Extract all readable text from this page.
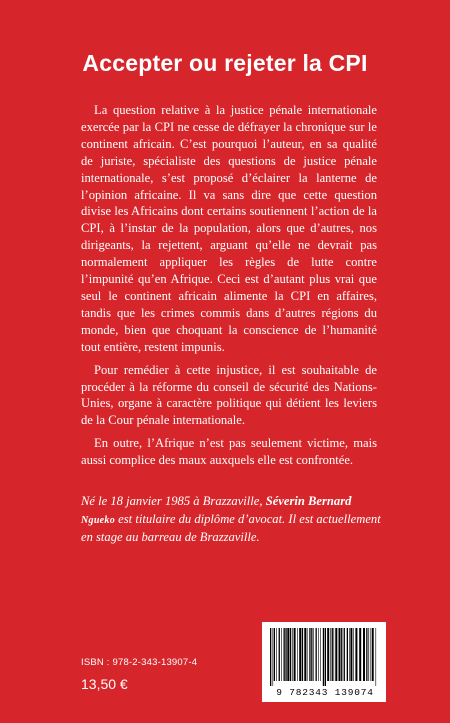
Accepter ou rejeter la CPI

La question relative à la justice pénale internationale exercée par la CPI ne cesse de défrayer la chronique sur le continent africain. C’est pourquoi l’auteur, en sa qualité de juriste, spécialiste des questions de justice pénale internationale, s’est proposé d’éclairer la lanterne de l’opinion africaine. Il va sans dire que cette question divise les Africains dont certains soutiennent l’action de la CPI, à l’instar de la population, alors que d’autres, nos dirigeants, la rejettent, arguant qu’elle ne devrait pas normalement appliquer les règles de lutte contre l’impunité qu’en Afrique. Ceci est d’autant plus vrai que seul le continent africain alimente la CPI en affaires, tandis que les crimes commis dans d’autres régions du monde, bien que choquant la conscience de l’humanité tout entière, restent impunis.

Pour remédier à cette injustice, il est souhaitable de procéder à la réforme du conseil de sécurité des Nations-Unies, organe à caractère politique qui détient les leviers de la Cour pénale internationale.

En outre, l’Afrique n’est pas seulement victime, mais aussi complice des maux auxquels elle est confrontée.

Né le 18 janvier 1985 à Brazzaville, Séverin Bernard Ngueko est titulaire du diplôme d’avocat. Il est actuellement en stage au barreau de Brazzaville.
ISBN : 978-2-343-13907-4
13,50 €
9 782343 139074
